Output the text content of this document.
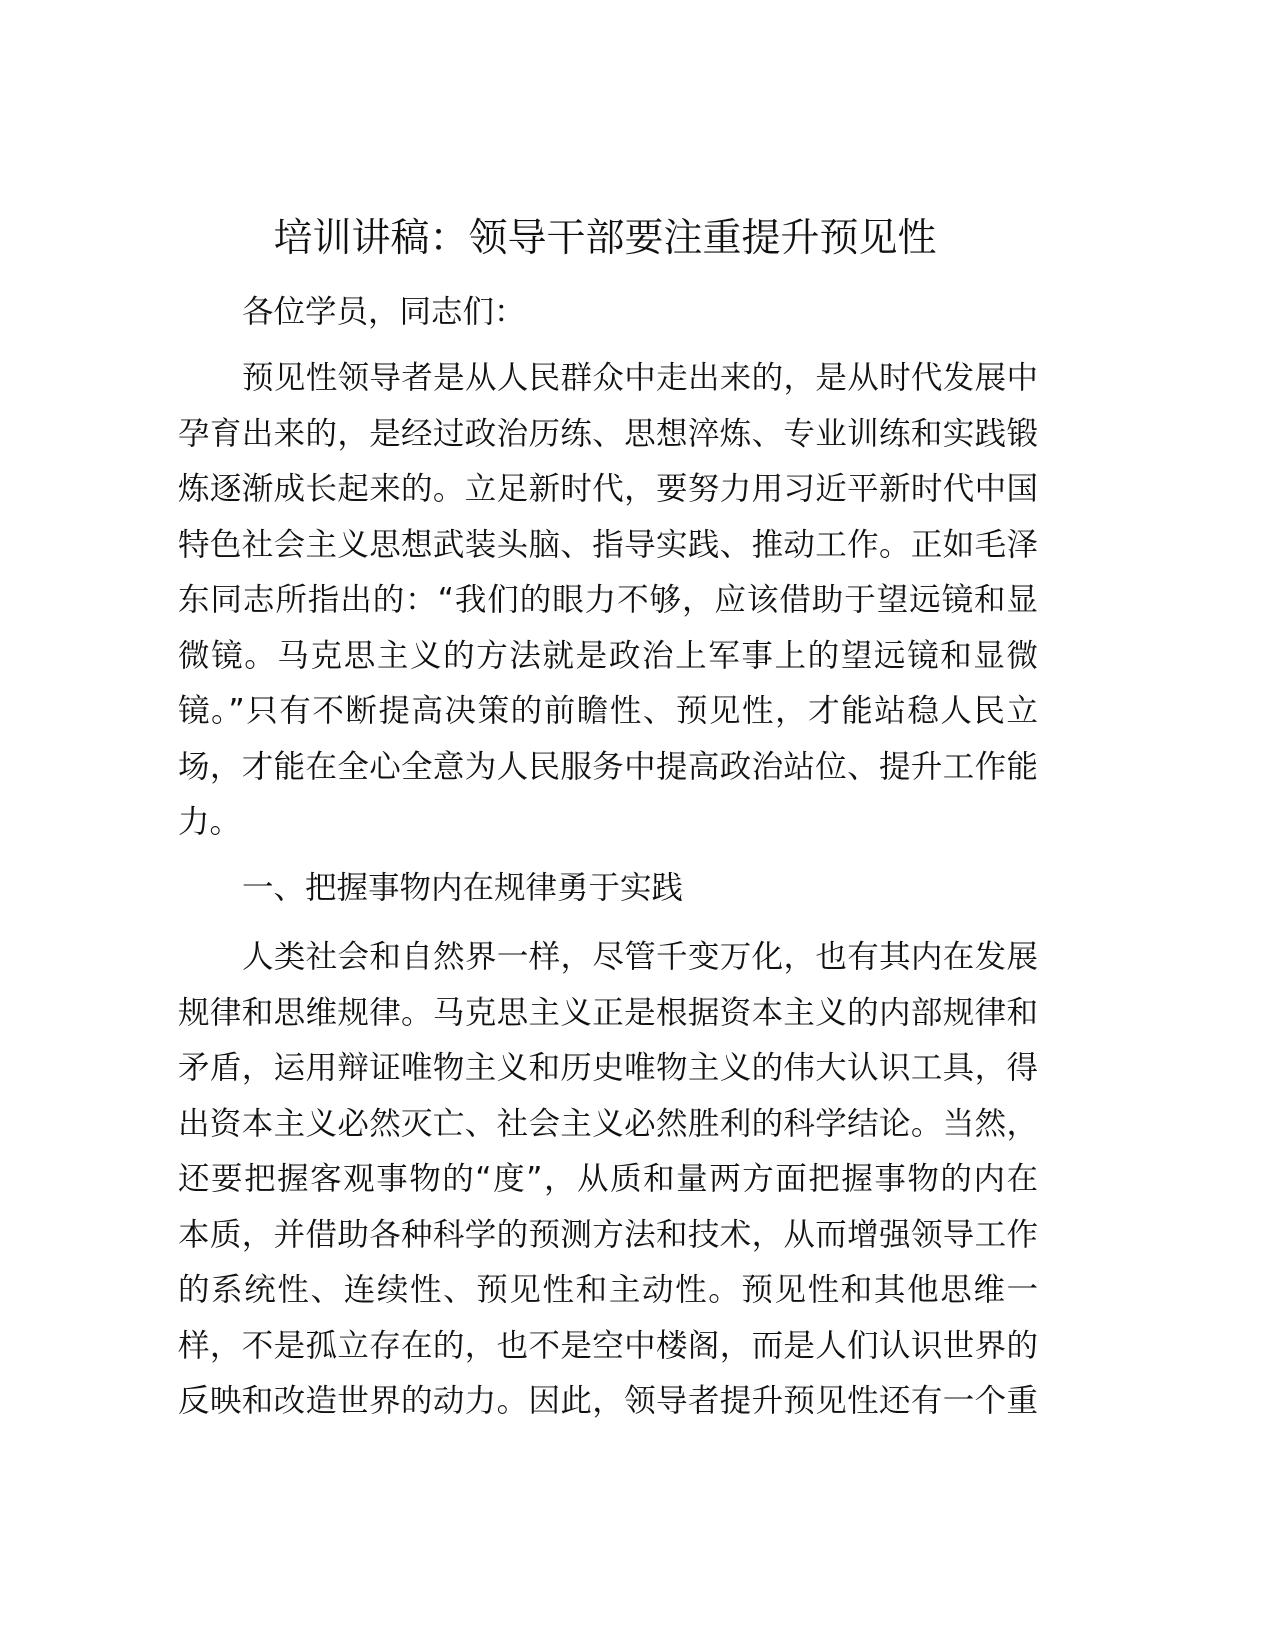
培训讲稿：领导干部要注重提升预见性
各位学员，同志们：
预见性领导者是从人民群众中走出来的，是从时代发展中
孕育出来的，是经过政治历练、思想淬炼、专业训练和实践锻
炼逐渐成长起来的。立足新时代，要努力用习近平新时代中国
特色社会主义思想武装头脑、指导实践、推动工作。正如毛泽
东同志所指出的：“我们的眼力不够，应该借助于望远镜和显
微镜。马克思主义的方法就是政治上军事上的望远镜和显微
镜。”只有不断提高决策的前瞻性、预见性，才能站稳人民立
场，才能在全心全意为人民服务中提高政治站位、提升工作能
力。
一、把握事物内在规律勇于实践
人类社会和自然界一样，尽管千变万化，也有其内在发展
规律和思维规律。马克思主义正是根据资本主义的内部规律和
矛盾，运用辩证唯物主义和历史唯物主义的伟大认识工具，得
出资本主义必然灭亡、社会主义必然胜利的科学结论。当然，
还要把握客观事物的“度”，从质和量两方面把握事物的内在
本质，并借助各种科学的预测方法和技术，从而增强领导工作
的系统性、连续性、预见性和主动性。预见性和其他思维一
样，不是孤立存在的，也不是空中楼阁，而是人们认识世界的
反映和改造世界的动力。因此，领导者提升预见性还有一个重
